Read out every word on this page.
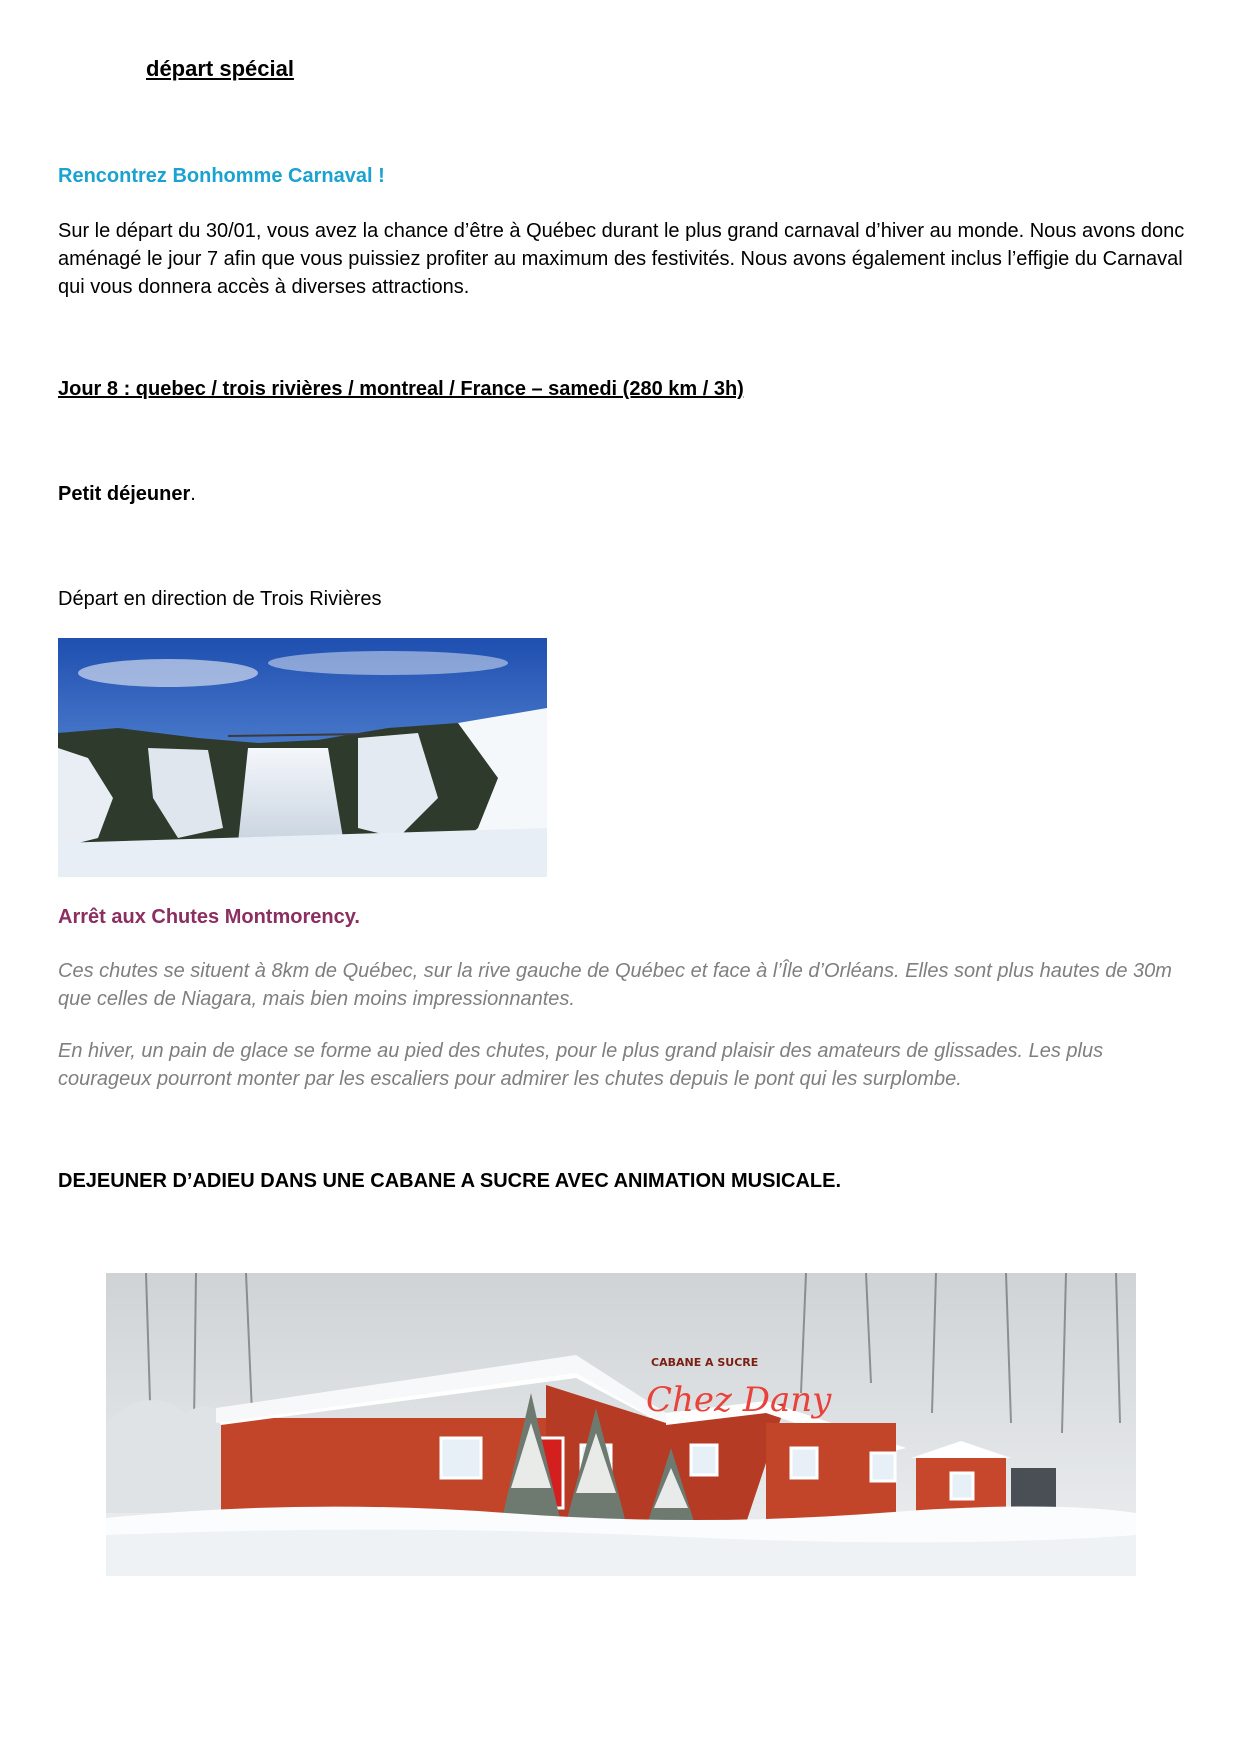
départ spécial
Rencontrez Bonhomme Carnaval !

Sur le départ du 30/01, vous avez la chance d’être à Québec durant le plus grand carnaval d’hiver au monde. Nous avons donc aménagé le jour 7 afin que vous puissiez profiter au maximum des festivités. Nous avons également inclus l’effigie du Carnaval qui vous donnera accès à diverses attractions.

Jour 8 : quebec / trois rivières / montreal / France – samedi (280 km / 3h)

Petit déjeuner.

Départ en direction de Trois Rivières

Arrêt aux Chutes Montmorency.

Ces chutes se situent à 8km de Québec, sur la rive gauche de Québec et face à l’Île d’Orléans. Elles sont plus hautes de 30m que celles de Niagara, mais bien moins impressionnantes.

En hiver, un pain de glace se forme au pied des chutes, pour le plus grand plaisir des amateurs de glissades. Les plus courageux pourront monter par les escaliers pour admirer les chutes depuis le pont qui les surplombe.

DEJEUNER D’ADIEU DANS UNE CABANE A SUCRE AVEC ANIMATION MUSICALE.
CABANE A SUCRE
Chez Dany
